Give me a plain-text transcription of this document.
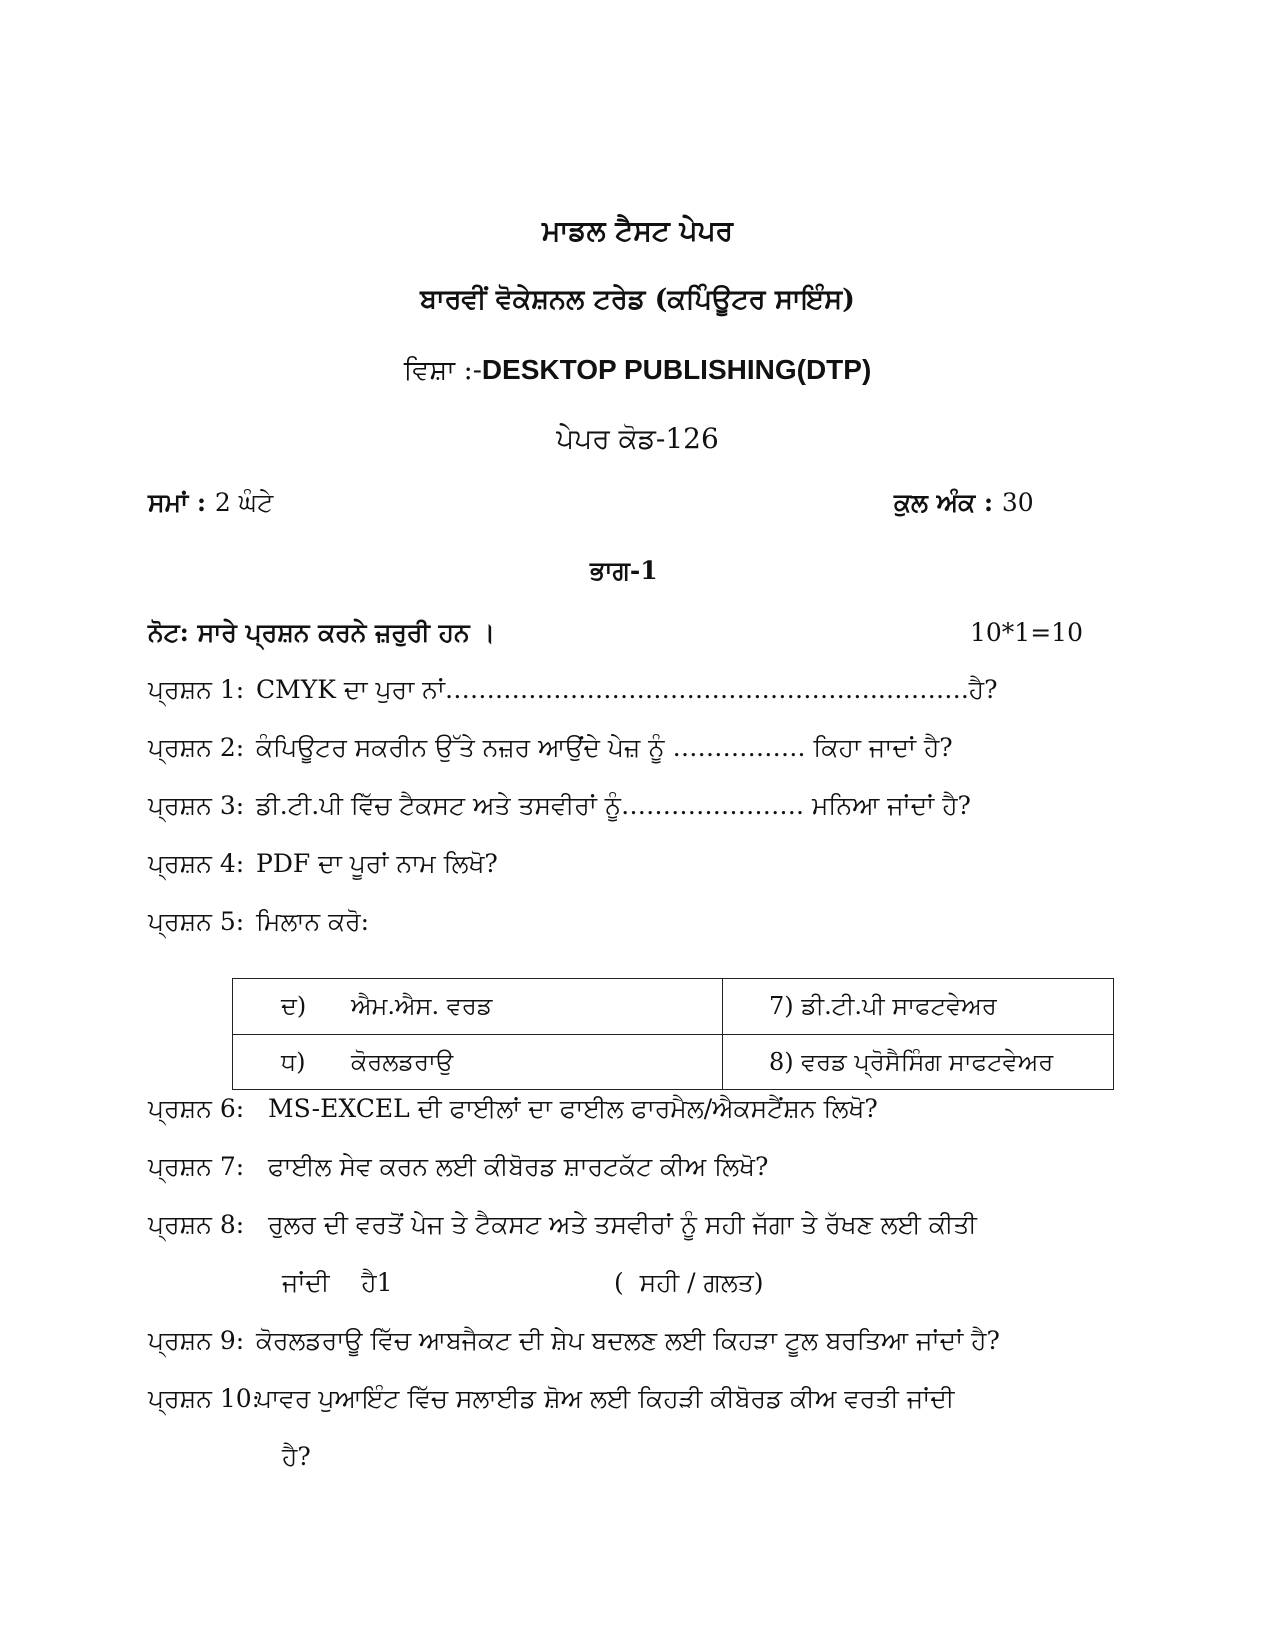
ਮਾਡਲ ਟੈਸਟ ਪੇਪਰ
ਬਾਰਵੀਂ ਵੋਕੇਸ਼ਨਲ ਟਰੇਡ (ਕਪਿੰਊਟਰ ਸਾਇੰਸ)
ਵਿਸ਼ਾ :-DESKTOP PUBLISHING(DTP)
ਪੇਪਰ ਕੋਡ-126
ਸਮਾਂ : 2 ਘੰਟੇ	ਕੁਲ ਅੰਕ : 30
ਭਾਗ-1
ਨੋਟ: ਸਾਰੇ ਪ੍ਰਸ਼ਨ ਕਰਨੇ ਜ਼ਰੁਰੀ ਹਨ ।	10*1=10
ਪ੍ਰਸ਼ਨ 1: CMYK ਦਾ ਪੁਰਾ ਨਾਂ……………………………………………..……….ਹੈ?
ਪ੍ਰਸ਼ਨ 2: ਕੰਪਿਊਟਰ ਸਕਰੀਨ ਉੱਤੇ ਨਜ਼ਰ ਆਉਂਦੇ ਪੇਜ਼ ਨੂੰ ……………. ਕਿਹਾ ਜਾਦਾਂ ਹੈ?
ਪ੍ਰਸ਼ਨ 3: ਡੀ.ਟੀ.ਪੀ ਵਿੱਚ ਟੈਕਸਟ ਅਤੇ ਤਸਵੀਰਾਂ ਨੂੰ…………………. ਮਨਿਆ ਜਾਂਦਾਂ ਹੈ?
ਪ੍ਰਸ਼ਨ 4: PDF ਦਾ ਪੂਰਾਂ ਨਾਮ ਲਿਖੋ?
ਪ੍ਰਸ਼ਨ 5: ਮਿਲਾਨ ਕਰੋ:
ਦ) ਐਮ.ਐਸ. ਵਰਡ	7) ਡੀ.ਟੀ.ਪੀ ਸਾਫਟਵੇਅਰ
ਧ) ਕੋਰਲਡਰਾਉ	8) ਵਰਡ ਪ੍ਰੋਸੈਸਿੰਗ ਸਾਫਟਵੇਅਰ
ਪ੍ਰਸ਼ਨ 6: MS-EXCEL ਦੀ ਫਾਈਲਾਂ ਦਾ ਫਾਈਲ ਫਾਰਮੈਲ/ਐਕਸਟੈਂਸ਼ਨ ਲਿਖੋ?
ਪ੍ਰਸ਼ਨ 7: ਫਾਈਲ ਸੇਵ ਕਰਨ ਲਈ ਕੀਬੋਰਡ ਸ਼ਾਰਟਕੱਟ ਕੀਅ ਲਿਖੋ?
ਪ੍ਰਸ਼ਨ 8: ਰੁਲਰ ਦੀ ਵਰਤੋਂ ਪੇਜ ਤੇ ਟੈਕਸਟ ਅਤੇ ਤਸਵੀਰਾਂ ਨੂੰ ਸਹੀ ਜੱਗਾ ਤੇ ਰੱਖਣ ਲਈ ਕੀਤੀ
ਜਾਂਦੀ    ਹੈ1	(  ਸਹੀ / ਗਲਤ)
ਪ੍ਰਸ਼ਨ 9: ਕੋਰਲਡਰਾਊ ਵਿੱਚ ਆਬਜੈਕਟ ਦੀ ਸ਼ੇਪ ਬਦਲਣ ਲਈ ਕਿਹੜਾ ਟੂਲ ਬਰਤਿਆ ਜਾਂਦਾਂ ਹੈ?
ਪ੍ਰਸ਼ਨ 10:ਪਾਵਰ ਪੁਆਇੰਟ ਵਿੱਚ ਸਲਾਈਡ ਸ਼ੋਅ ਲਈ ਕਿਹੜੀ ਕੀਬੋਰਡ ਕੀਅ ਵਰਤੀ ਜਾਂਦੀ
ਹੈ?
